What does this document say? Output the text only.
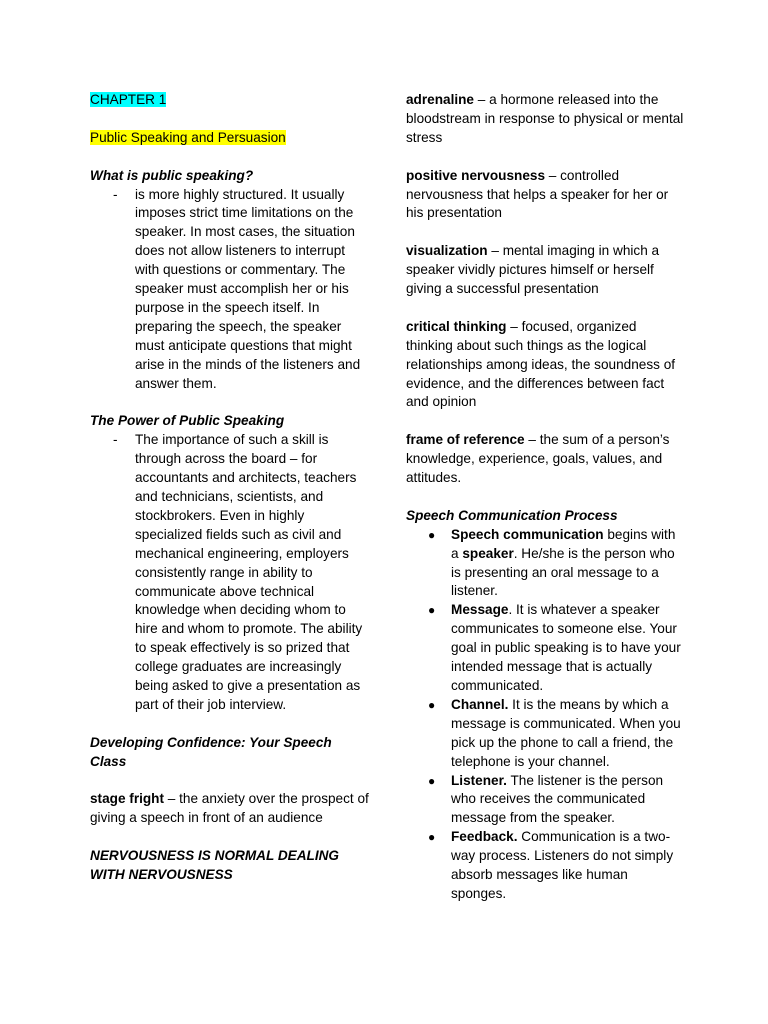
CHAPTER 1

Public Speaking and Persuasion

What is public speaking?

- is more highly structured. It usually imposes strict time limitations on the speaker. In most cases, the situation does not allow listeners to interrupt with questions or commentary. The speaker must accomplish her or his purpose in the speech itself. In preparing the speech, the speaker must anticipate questions that might arise in the minds of the listeners and answer them.

The Power of Public Speaking

- The importance of such a skill is through across the board – for accountants and architects, teachers and technicians, scientists, and stockbrokers. Even in highly specialized fields such as civil and mechanical engineering, employers consistently range in ability to communicate above technical knowledge when deciding whom to hire and whom to promote. The ability to speak effectively is so prized that college graduates are increasingly being asked to give a presentation as part of their job interview.

Developing Confidence: Your Speech Class

stage fright – the anxiety over the prospect of giving a speech in front of an audience

NERVOUSNESS IS NORMAL DEALING WITH NERVOUSNESS

adrenaline – a hormone released into the bloodstream in response to physical or mental stress

positive nervousness – controlled nervousness that helps a speaker for her or his presentation

visualization – mental imaging in which a speaker vividly pictures himself or herself giving a successful presentation

critical thinking – focused, organized thinking about such things as the logical relationships among ideas, the soundness of evidence, and the differences between fact and opinion

frame of reference – the sum of a person’s knowledge, experience, goals, values, and attitudes.

Speech Communication Process

● Speech communication begins with a speaker. He/she is the person who is presenting an oral message to a listener.
● Message. It is whatever a speaker communicates to someone else. Your goal in public speaking is to have your intended message that is actually communicated.
● Channel. It is the means by which a message is communicated. When you pick up the phone to call a friend, the telephone is your channel.
● Listener. The listener is the person who receives the communicated message from the speaker.
● Feedback. Communication is a two-way process. Listeners do not simply absorb messages like human sponges.
